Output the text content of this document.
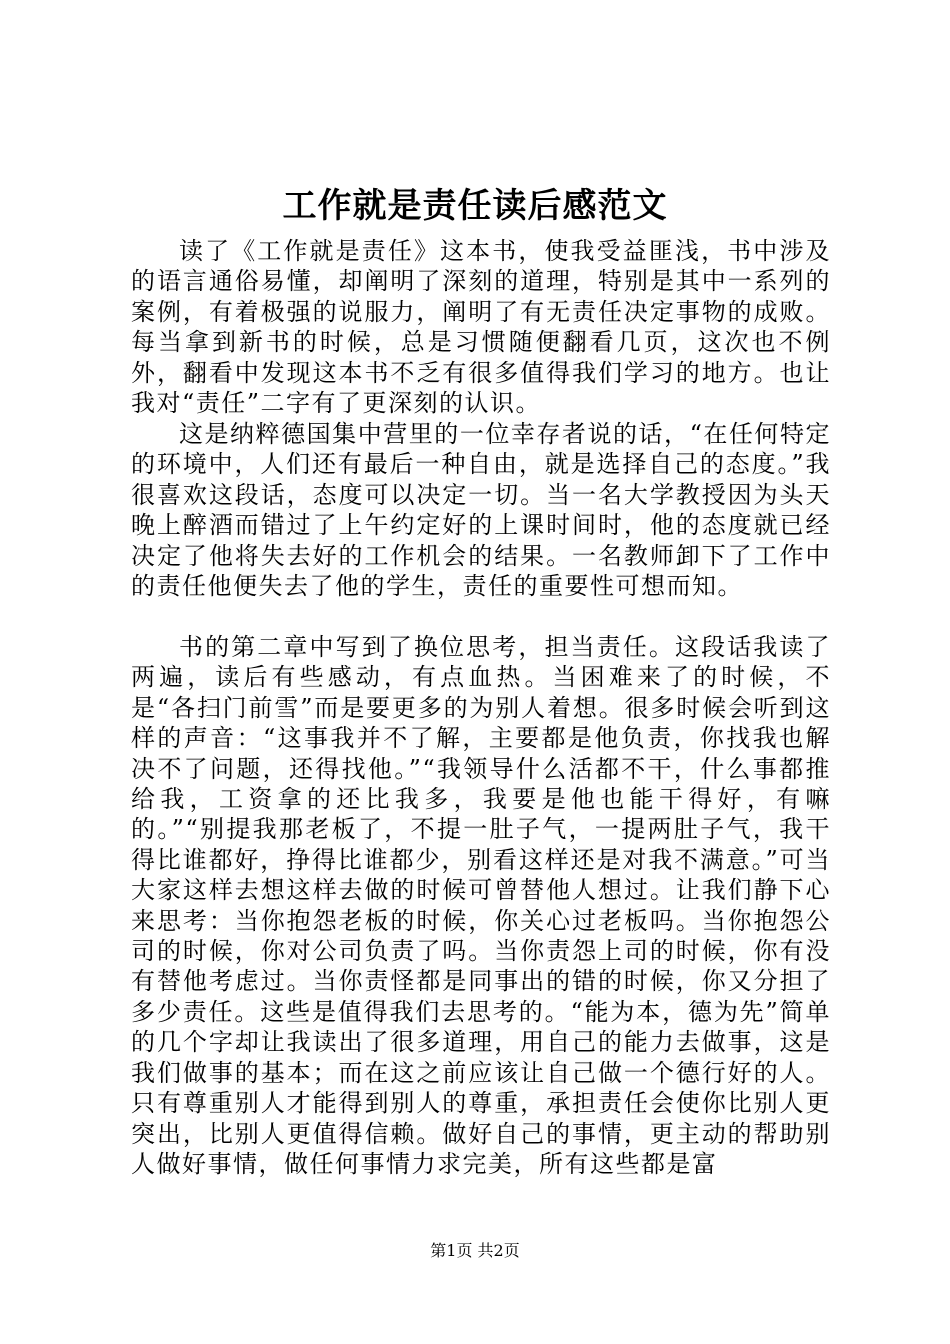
工作就是责任读后感范文

读了《工作就是责任》这本书，使我受益匪浅，书中涉及的语言通俗易懂，却阐明了深刻的道理，特别是其中一系列的案例，有着极强的说服力，阐明了有无责任决定事物的成败。每当拿到新书的时候，总是习惯随便翻看几页，这次也不例外，翻看中发现这本书不乏有很多值得我们学习的地方。也让我对“责任”二字有了更深刻的认识。

这是纳粹德国集中营里的一位幸存者说的话，“在任何特定的环境中，人们还有最后一种自由，就是选择自己的态度。”我很喜欢这段话，态度可以决定一切。当一名大学教授因为头天晚上醉酒而错过了上午约定好的上课时间时，他的态度就已经决定了他将失去好的工作机会的结果。一名教师卸下了工作中的责任他便失去了他的学生，责任的重要性可想而知。

书的第二章中写到了换位思考，担当责任。这段话我读了两遍，读后有些感动，有点血热。当困难来了的时候，不是“各扫门前雪”而是要更多的为别人着想。很多时候会听到这样的声音：“这事我并不了解，主要都是他负责，你找我也解决不了问题，还得找他。”“我领导什么活都不干，什么事都推给我，工资拿的还比我多，我要是他也能干得好，有嘛的。”“别提我那老板了，不提一肚子气，一提两肚子气，我干得比谁都好，挣得比谁都少，别看这样还是对我不满意。”可当大家这样去想这样去做的时候可曾替他人想过。让我们静下心来思考：当你抱怨老板的时候，你关心过老板吗。当你抱怨公司的时候，你对公司负责了吗。当你责怨上司的时候，你有没有替他考虑过。当你责怪都是同事出的错的时候，你又分担了多少责任。这些是值得我们去思考的。“能为本，德为先”简单的几个字却让我读出了很多道理，用自己的能力去做事，这是我们做事的基本；而在这之前应该让自己做一个德行好的人。只有尊重别人才能得到别人的尊重，承担责任会使你比别人更突出，比别人更值得信赖。做好自己的事情，更主动的帮助别人做好事情，做任何事情力求完美，所有这些都是富

第1页 共2页
